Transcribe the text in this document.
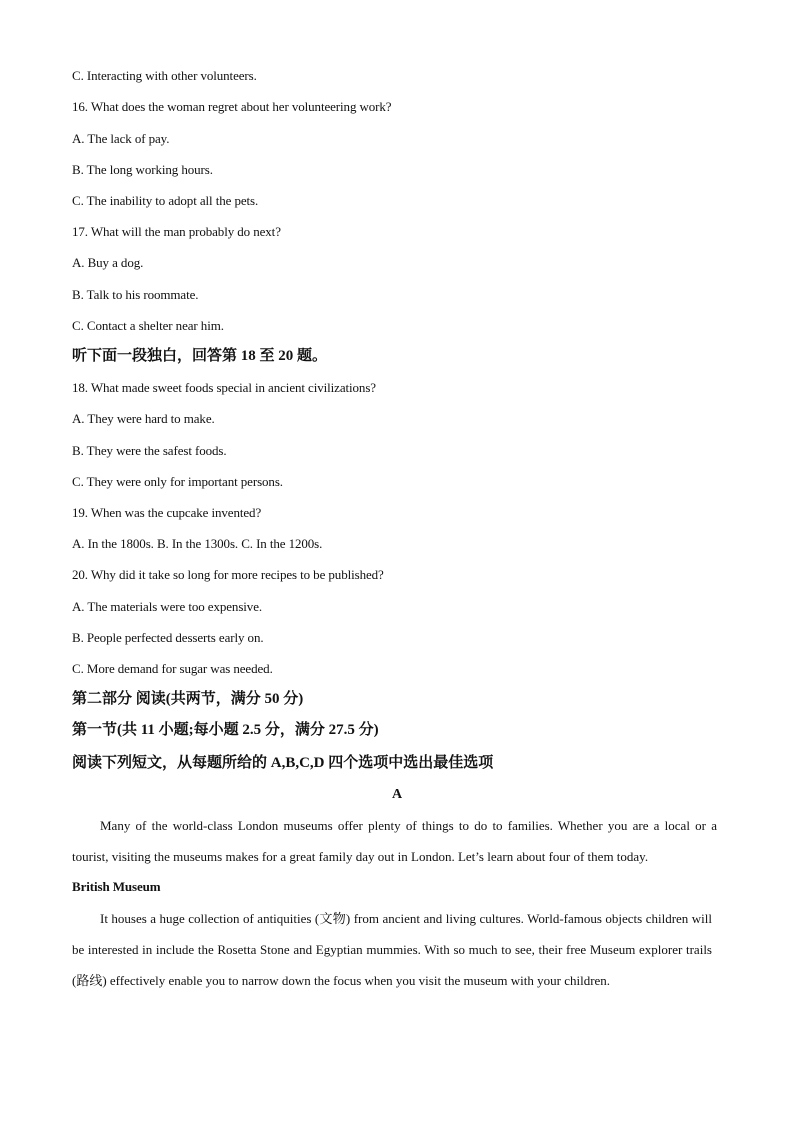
C. Interacting with other volunteers.
16. What does the woman regret about her volunteering work?
A. The lack of pay.
B. The long working hours.
C. The inability to adopt all the pets.
17. What will the man probably do next?
A. Buy a dog.
B. Talk to his roommate.
C. Contact a shelter near him.
听下面一段独白，回答第 18 至 20 题。
18. What made sweet foods special in ancient civilizations?
A. They were hard to make.
B. They were the safest foods.
C. They were only for important persons.
19. When was the cupcake invented?
A. In the 1800s. B. In the 1300s. C. In the 1200s.
20. Why did it take so long for more recipes to be published?
A. The materials were too expensive.
B. People perfected desserts early on.
C. More demand for sugar was needed.
第二部分 阅读(共两节，满分 50 分)
第一节(共 11 小题;每小题 2.5 分，满分 27.5 分)
阅读下列短文，从每题所给的 A,B,C,D 四个选项中选出最佳选项
A
Many of the world-class London museums offer plenty of things to do to families. Whether you are a local or a tourist, visiting the museums makes for a great family day out in London. Let’s learn about four of them today.
British Museum
It houses a huge collection of antiquities (文物) from ancient and living cultures. World-famous objects children will be interested in include the Rosetta Stone and Egyptian mummies. With so much to see, their free Museum explorer trails (路线) effectively enable you to narrow down the focus when you visit the museum with your children.
